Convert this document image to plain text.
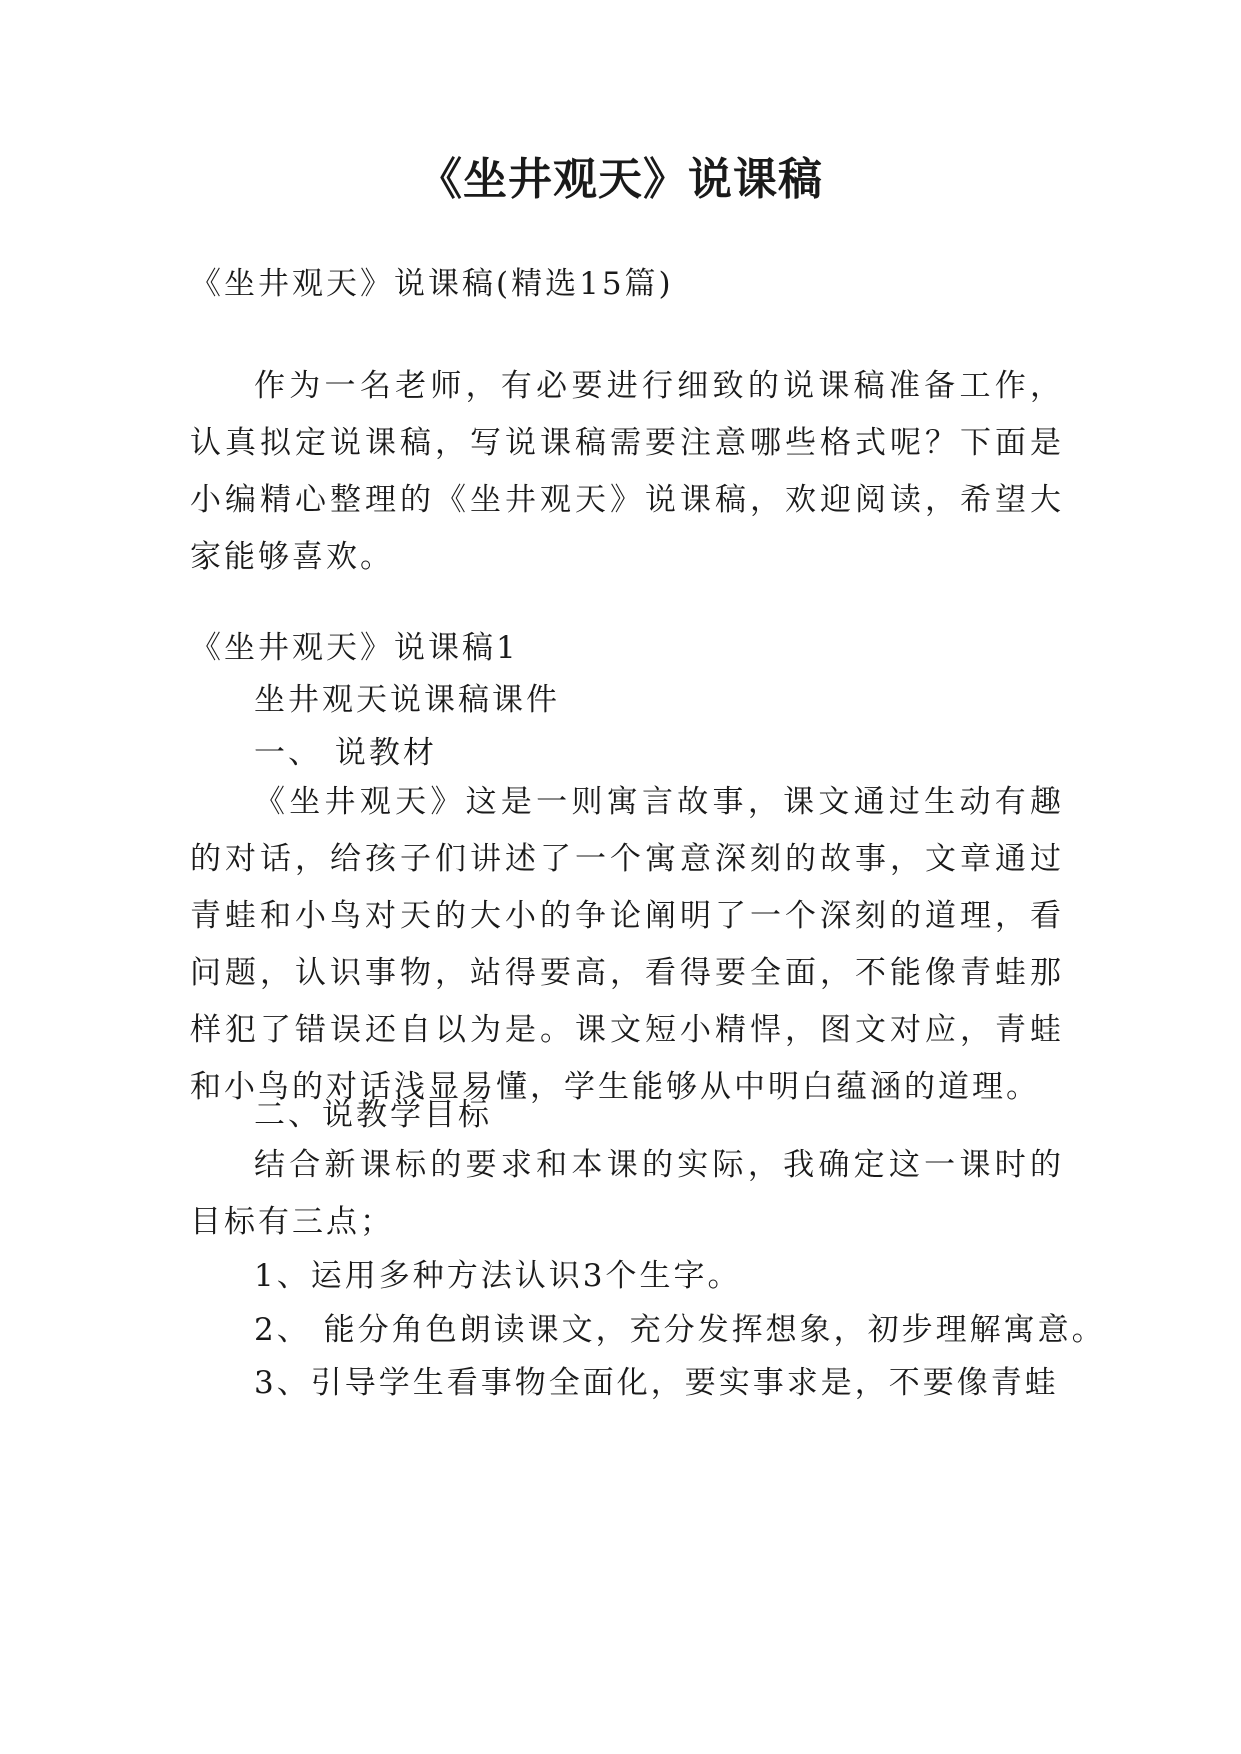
《坐井观天》说课稿

《坐井观天》说课稿(精选15篇)

作为一名老师，有必要进行细致的说课稿准备工作，认真拟定说课稿，写说课稿需要注意哪些格式呢？下面是小编精心整理的《坐井观天》说课稿，欢迎阅读，希望大家能够喜欢。

《坐井观天》说课稿1

坐井观天说课稿课件

一、 说教材

《坐井观天》这是一则寓言故事，课文通过生动有趣的对话，给孩子们讲述了一个寓意深刻的故事，文章通过青蛙和小鸟对天的大小的争论阐明了一个深刻的道理，看问题，认识事物，站得要高，看得要全面，不能像青蛙那样犯了错误还自以为是。课文短小精悍，图文对应，青蛙和小鸟的对话浅显易懂，学生能够从中明白蕴涵的道理。

二、说教学目标

结合新课标的要求和本课的实际，我确定这一课时的目标有三点；

1、运用多种方法认识3个生字。

2、 能分角色朗读课文，充分发挥想象，初步理解寓意。

3、引导学生看事物全面化，要实事求是，不要像青蛙
